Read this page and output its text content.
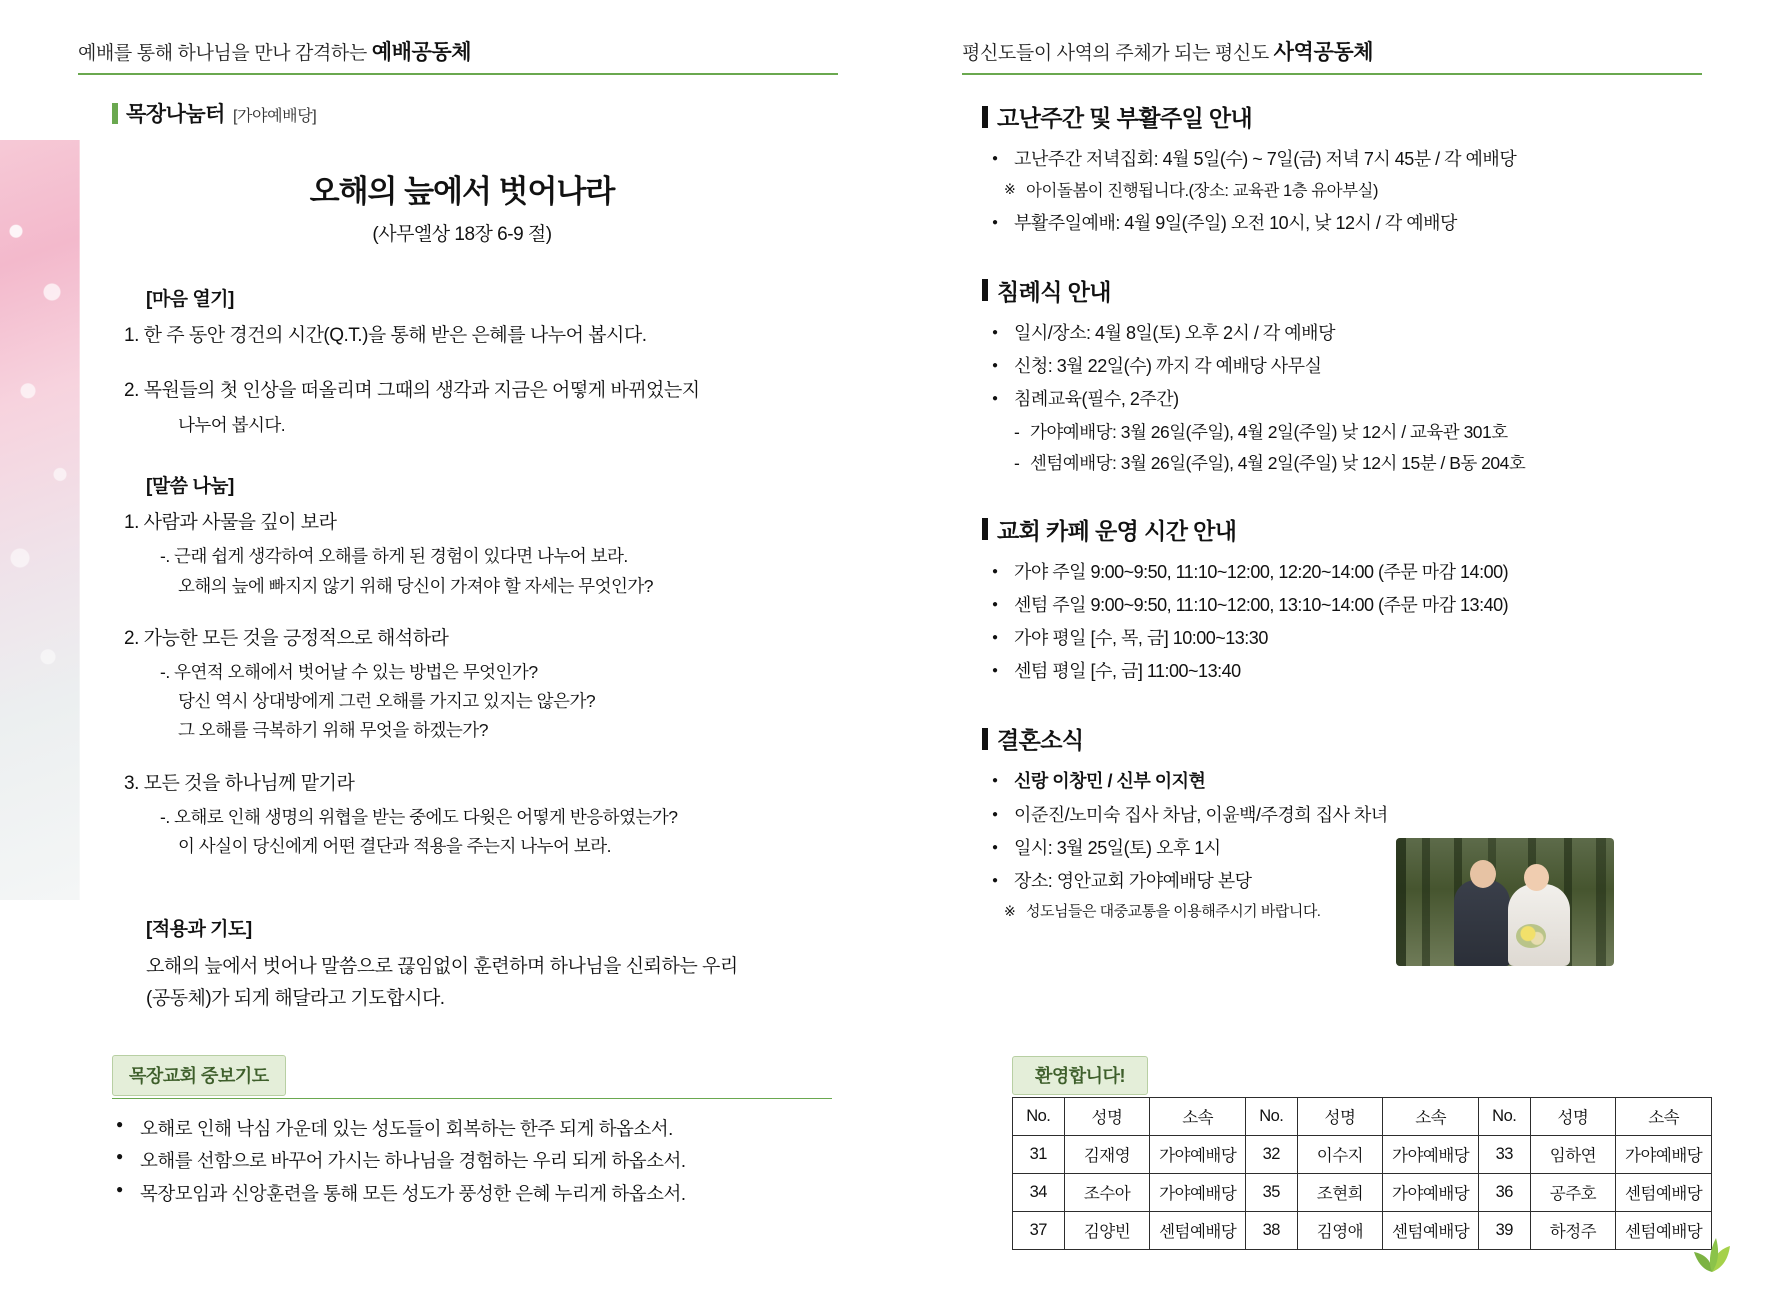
예배를 통해 하나님을 만나 감격하는 예배공동체	평신도들이 사역의 주체가 되는 평신도 사역공동체
목장나눔터 [가야예배당]
오해의 늪에서 벗어나라
(사무엘상 18장 6-9 절)
[마음 열기]
1. 한 주 동안 경건의 시간(Q.T.)을 통해 받은 은혜를 나누어 봅시다.
2. 목원들의 첫 인상을 떠올리며 그때의 생각과 지금은 어떻게 바뀌었는지
나누어 봅시다.
[말씀 나눔]
1. 사람과 사물을 깊이 보라
-. 근래 쉽게 생각하여 오해를 하게 된 경험이 있다면 나누어 보라.
오해의 늪에 빠지지 않기 위해 당신이 가져야 할 자세는 무엇인가?
2. 가능한 모든 것을 긍정적으로 해석하라
-. 우연적 오해에서 벗어날 수 있는 방법은 무엇인가?
당신 역시 상대방에게 그런 오해를 가지고 있지는 않은가?
그 오해를 극복하기 위해 무엇을 하겠는가?
3. 모든 것을 하나님께 맡기라
-. 오해로 인해 생명의 위협을 받는 중에도 다윗은 어떻게 반응하였는가?
이 사실이 당신에게 어떤 결단과 적용을 주는지 나누어 보라.
[적용과 기도]
오해의 늪에서 벗어나 말씀으로 끊임없이 훈련하며 하나님을 신뢰하는 우리
(공동체)가 되게 해달라고 기도합시다.
목장교회 중보기도
● 오해로 인해 낙심 가운데 있는 성도들이 회복하는 한주 되게 하옵소서.
● 오해를 선함으로 바꾸어 가시는 하나님을 경험하는 우리 되게 하옵소서.
● 목장모임과 신앙훈련을 통해 모든 성도가 풍성한 은혜 누리게 하옵소서.
고난주간 및 부활주일 안내
● 고난주간 저녁집회: 4월 5일(수) ~ 7일(금) 저녁 7시 45분 / 각 예배당
※ 아이돌봄이 진행됩니다.(장소: 교육관 1층 유아부실)
● 부활주일예배: 4월 9일(주일) 오전 10시, 낮 12시 / 각 예배당
침례식 안내
● 일시/장소: 4월 8일(토) 오후 2시 / 각 예배당
● 신청: 3월 22일(수) 까지 각 예배당 사무실
● 침례교육(필수, 2주간)
- 가야예배당: 3월 26일(주일), 4월 2일(주일) 낮 12시 / 교육관 301호
- 센텀예배당: 3월 26일(주일), 4월 2일(주일) 낮 12시 15분 / B동 204호
교회 카페 운영 시간 안내
● 가야 주일 9:00~9:50, 11:10~12:00, 12:20~14:00 (주문 마감 14:00)
● 센텀 주일 9:00~9:50, 11:10~12:00, 13:10~14:00 (주문 마감 13:40)
● 가야 평일 [수, 목, 금] 10:00~13:30
● 센텀 평일 [수, 금] 11:00~13:40
결혼소식
● 신랑 이창민 / 신부 이지현
● 이준진/노미숙 집사 차남, 이윤백/주경희 집사 차녀
● 일시: 3월 25일(토) 오후 1시
● 장소: 영안교회 가야예배당 본당
※ 성도님들은 대중교통을 이용해주시기 바랍니다.
환영합니다!
No.	성명	소속	No.	성명	소속	No.	성명	소속
31	김재영	가야예배당	32	이수지	가야예배당	33	임하연	가야예배당
34	조수아	가야예배당	35	조현희	가야예배당	36	공주호	센텀예배당
37	김양빈	센텀예배당	38	김영애	센텀예배당	39	하정주	센텀예배당
